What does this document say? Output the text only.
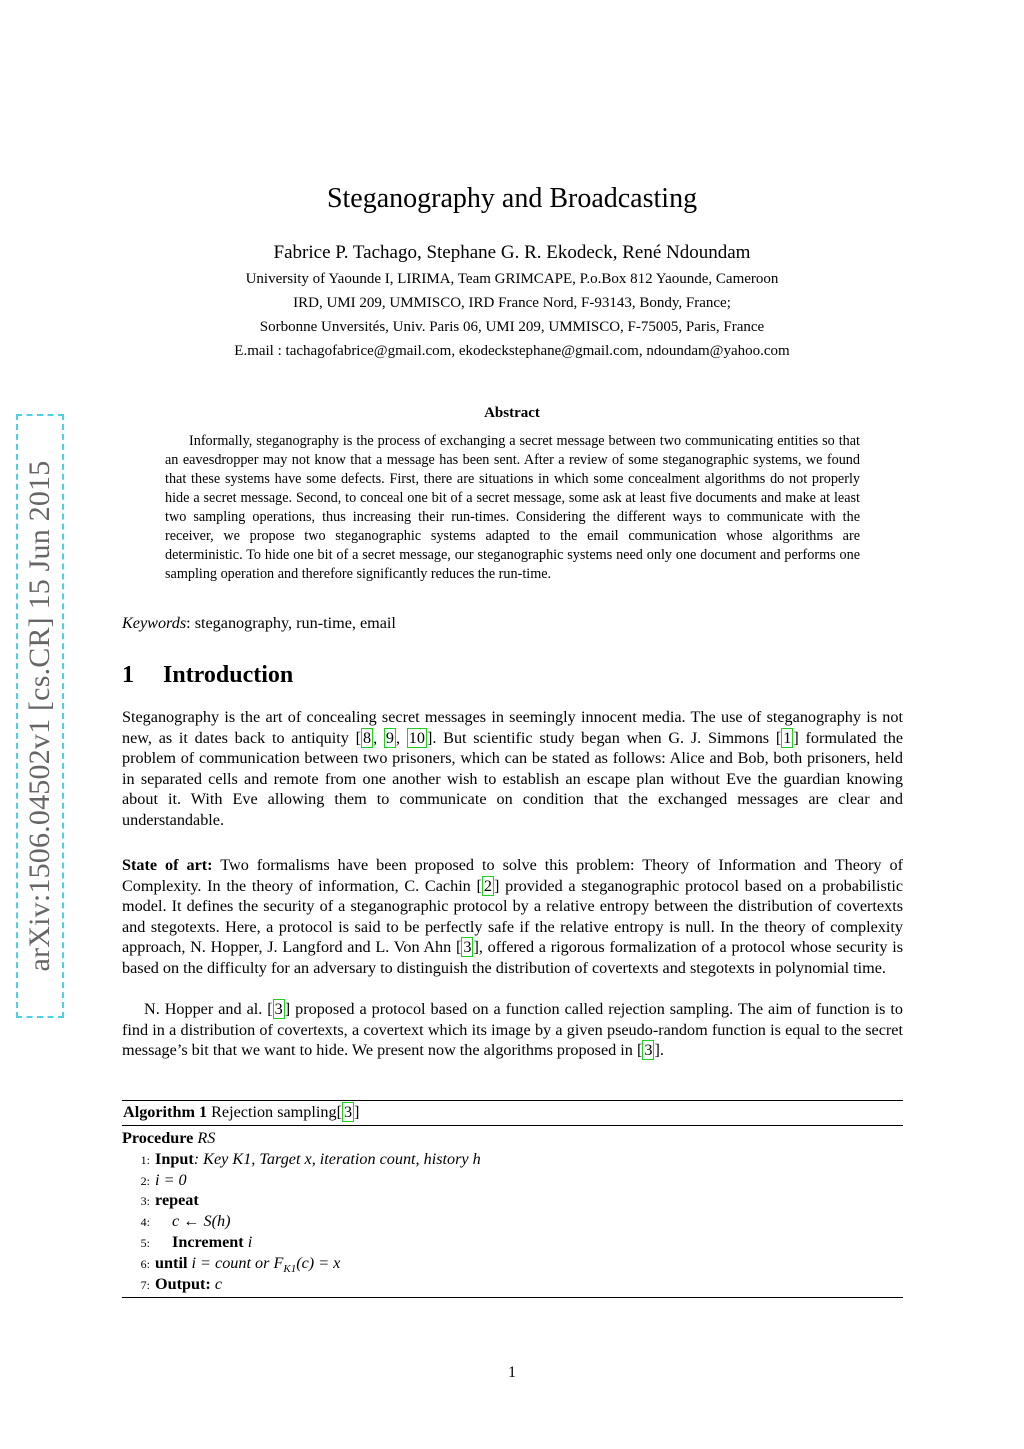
arXiv:1506.04502v1 [cs.CR] 15 Jun 2015
Steganography and Broadcasting
Fabrice P. Tachago, Stephane G. R. Ekodeck, René Ndoundam
University of Yaounde I, LIRIMA, Team GRIMCAPE, P.o.Box 812 Yaounde, Cameroon
IRD, UMI 209, UMMISCO, IRD France Nord, F-93143, Bondy, France;
Sorbonne Unversités, Univ. Paris 06, UMI 209, UMMISCO, F-75005, Paris, France
E.mail : tachagofabrice@gmail.com, ekodeckstephane@gmail.com, ndoundam@yahoo.com
Abstract

Informally, steganography is the process of exchanging a secret message between two communicating entities so that an eavesdropper may not know that a message has been sent. After a review of some steganographic systems, we found that these systems have some defects. First, there are situations in which some concealment algorithms do not properly hide a secret message. Second, to conceal one bit of a secret message, some ask at least five documents and make at least two sampling operations, thus increasing their run-times. Considering the different ways to communicate with the receiver, we propose two steganographic systems adapted to the email communication whose algorithms are deterministic. To hide one bit of a secret message, our steganographic systems need only one document and performs one sampling operation and therefore significantly reduces the run-time.

Keywords: steganography, run-time, email
1 Introduction

Steganography is the art of concealing secret messages in seemingly innocent media. The use of steganography is not new, as it dates back to antiquity [ 8 , 9 , 10 ]. But scientific study began when G. J. Simmons [ 1 ] formulated the problem of communication between two prisoners, which can be stated as follows: Alice and Bob, both prisoners, held in separated cells and remote from one another wish to establish an escape plan without Eve the guardian knowing about it. With Eve allowing them to communicate on condition that the exchanged messages are clear and understandable.

State of art: Two formalisms have been proposed to solve this problem: Theory of Information and Theory of Complexity. In the theory of information, C. Cachin [ 2 ] provided a steganographic protocol based on a probabilistic model. It defines the security of a steganographic protocol by a relative entropy between the distribution of covertexts and stegotexts. Here, a protocol is said to be perfectly safe if the relative entropy is null. In the theory of complexity approach, N. Hopper, J. Langford and L. Von Ahn [ 3 ], offered a rigorous formalization of a protocol whose security is based on the difficulty for an adversary to distinguish the distribution of covertexts and stegotexts in polynomial time.

N. Hopper and al. [ 3 ] proposed a protocol based on a function called rejection sampling. The aim of function is to find in a distribution of covertexts, a covertext which its image by a given pseudo-random function is equal to the secret message’s bit that we want to hide. We present now the algorithms proposed in [ 3 ].

Algorithm 1 Rejection sampling[ 3 ]
Procedure RS
1: Input: Key K1, Target x, iteration count, history h
2: i = 0
3: repeat
4: c ← S(h)
5: Increment i
6: until i = count or $F_{K1}(c) = x$
7: Output: c
1
